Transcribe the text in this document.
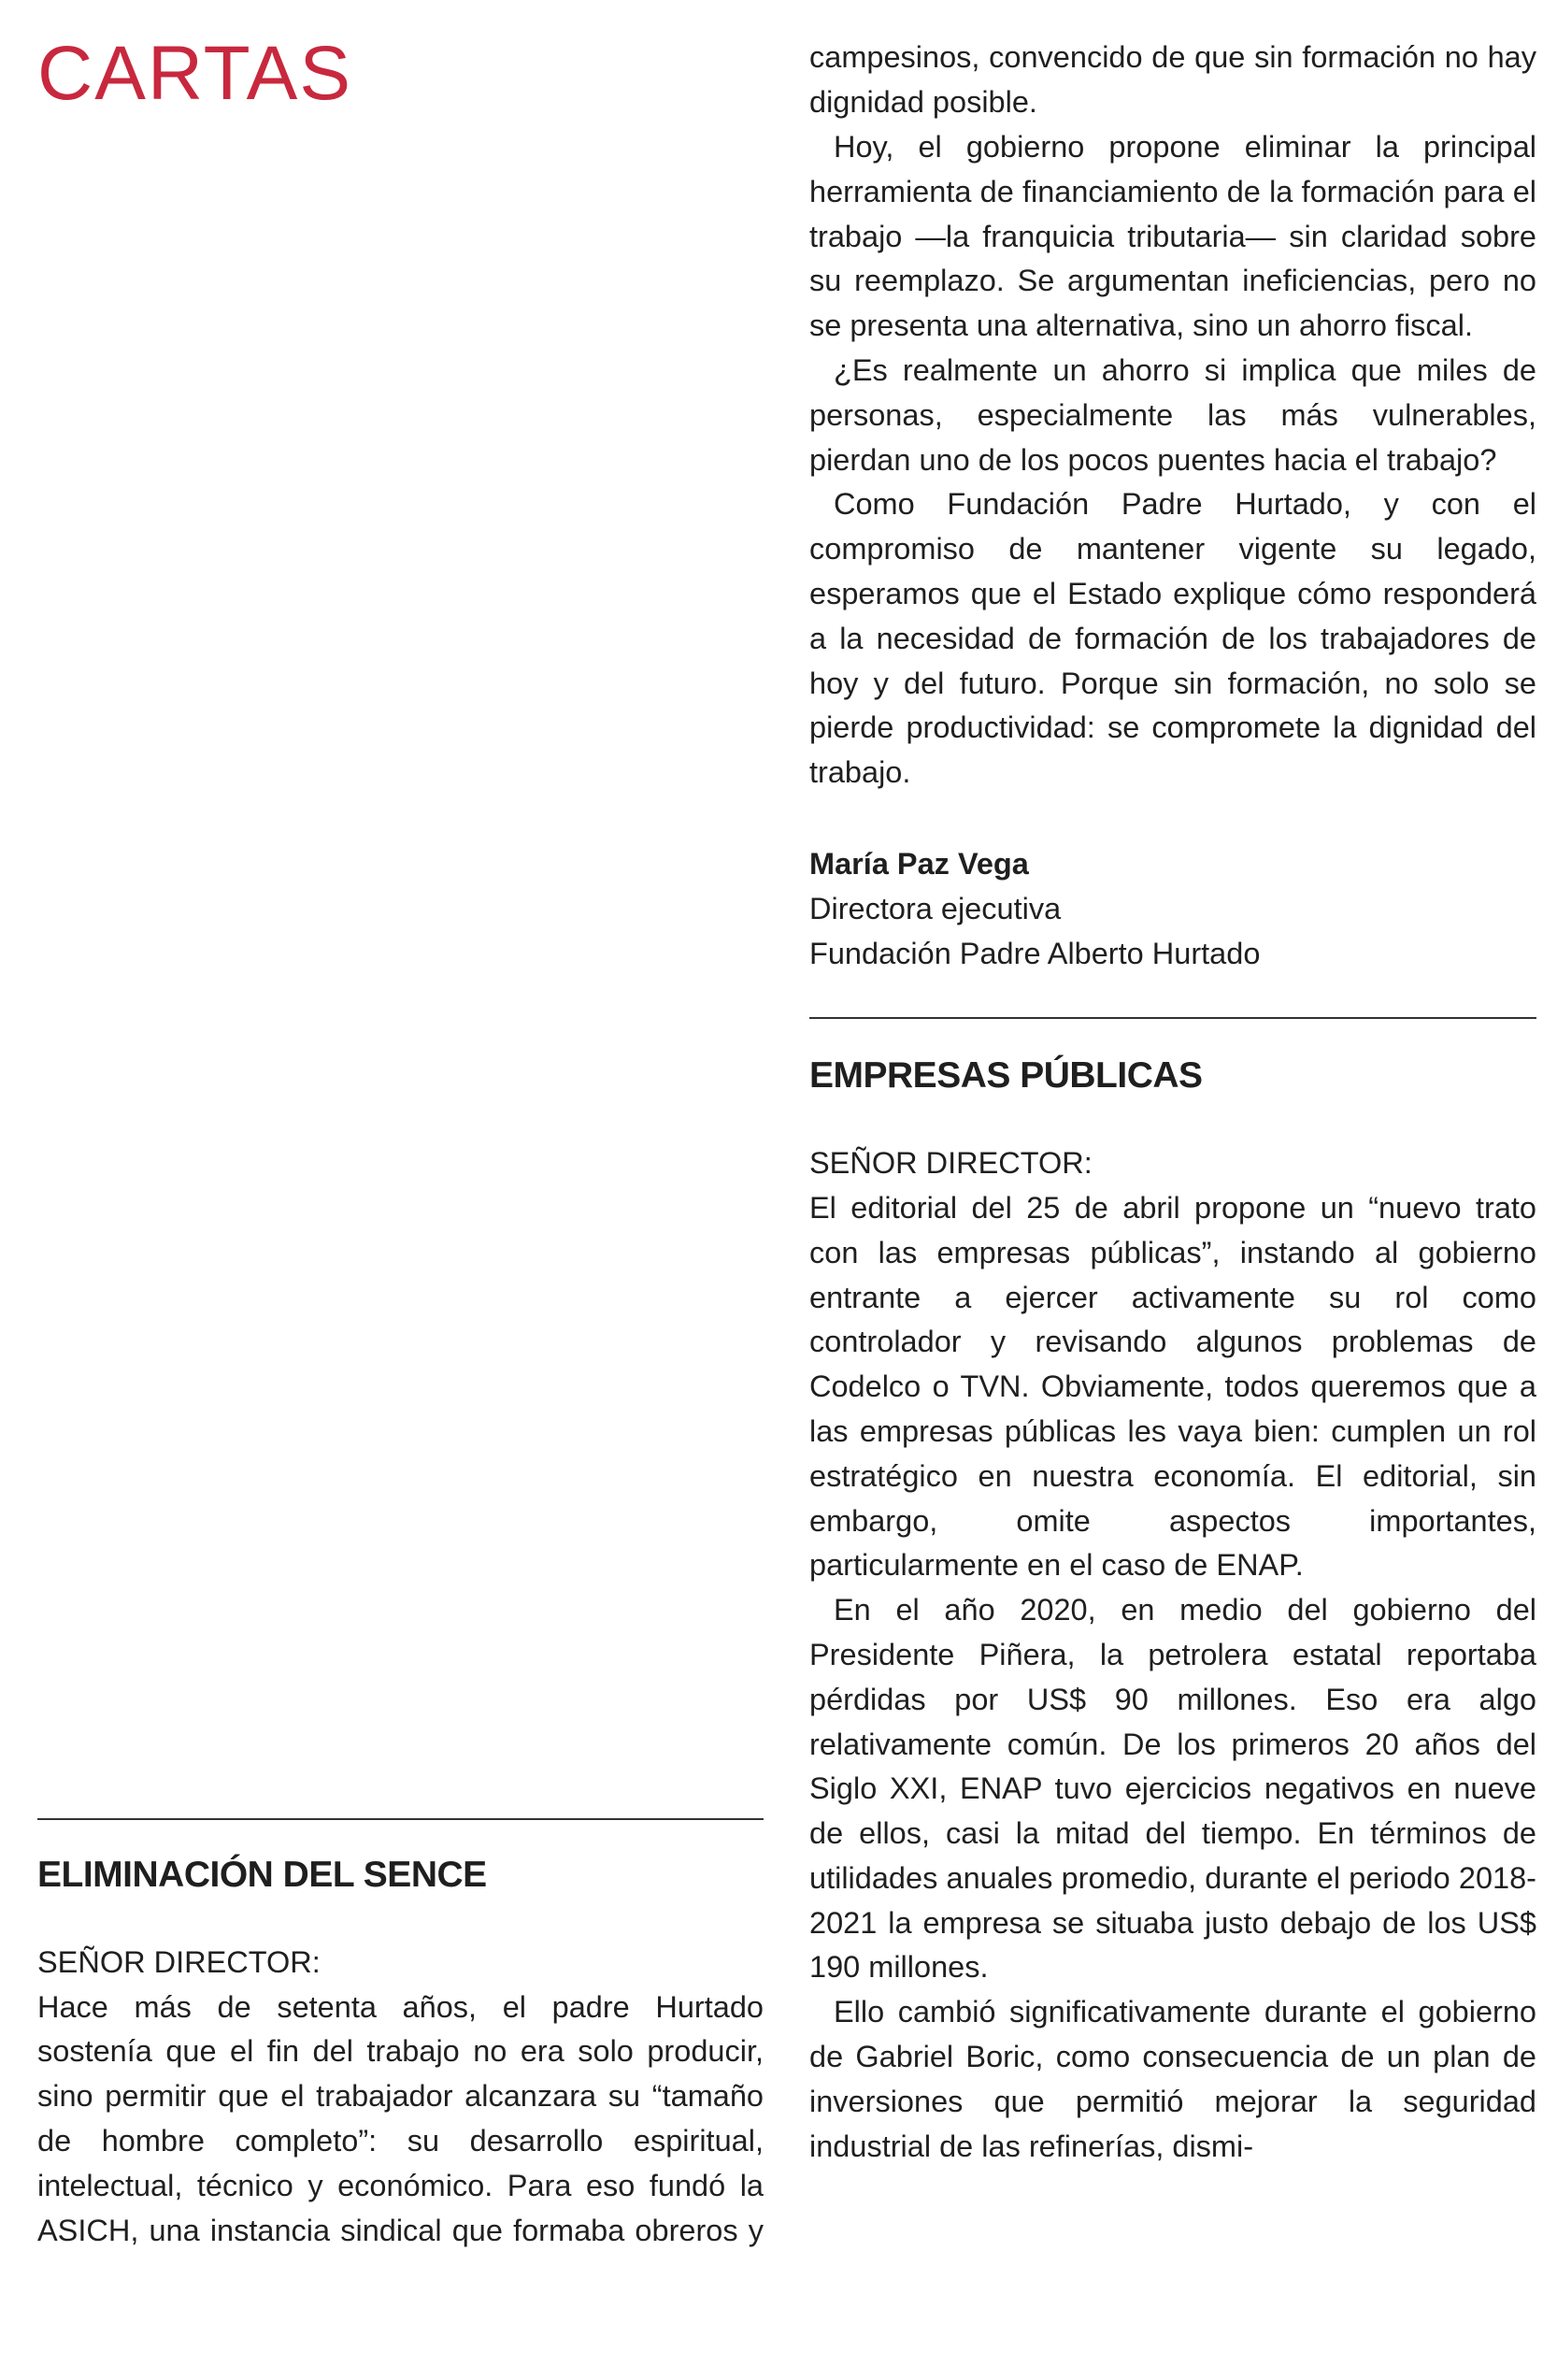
CARTAS
ELIMINACIÓN DEL SENCE

SEÑOR DIRECTOR:

Hace más de setenta años, el padre Hurtado sostenía que el fin del trabajo no era solo producir, sino permitir que el trabajador alcanzara su “tamaño de hombre completo”: su desarrollo espiritual, intelectual, técnico y económico. Para eso fundó la ASICH, una instancia sindical que formaba obreros y

campesinos, convencido de que sin formación no hay dignidad posible.

Hoy, el gobierno propone eliminar la principal herramienta de financiamiento de la formación para el trabajo —la franquicia tributaria— sin claridad sobre su reemplazo. Se argumentan ineficiencias, pero no se presenta una alternativa, sino un ahorro fiscal.

¿Es realmente un ahorro si implica que miles de personas, especialmente las más vulnerables, pierdan uno de los pocos puentes hacia el trabajo?

Como Fundación Padre Hurtado, y con el compromiso de mantener vigente su legado, esperamos que el Estado explique cómo responderá a la necesidad de formación de los trabajadores de hoy y del futuro. Porque sin formación, no solo se pierde productividad: se compromete la dignidad del trabajo.

María Paz Vega

Directora ejecutiva

Fundación Padre Alberto Hurtado

EMPRESAS PÚBLICAS

SEÑOR DIRECTOR:

El editorial del 25 de abril propone un “nuevo trato con las empresas públicas”, instando al gobierno entrante a ejercer activamente su rol como controlador y revisando algunos problemas de Codelco o TVN. Obviamente, todos queremos que a las empresas públicas les vaya bien: cumplen un rol estratégico en nuestra economía. El editorial, sin embargo, omite aspectos importantes, particularmente en el caso de ENAP.

En el año 2020, en medio del gobierno del Presidente Piñera, la petrolera estatal reportaba pérdidas por US$ 90 millones. Eso era algo relativamente común. De los primeros 20 años del Siglo XXI, ENAP tuvo ejercicios negativos en nueve de ellos, casi la mitad del tiempo. En términos de utilidades anuales promedio, durante el periodo 2018-2021 la empresa se situaba justo debajo de los US$ 190 millones.

Ello cambió significativamente durante el gobierno de Gabriel Boric, como consecuencia de un plan de inversiones que permitió mejorar la seguridad industrial de las refinerías, dismi-
